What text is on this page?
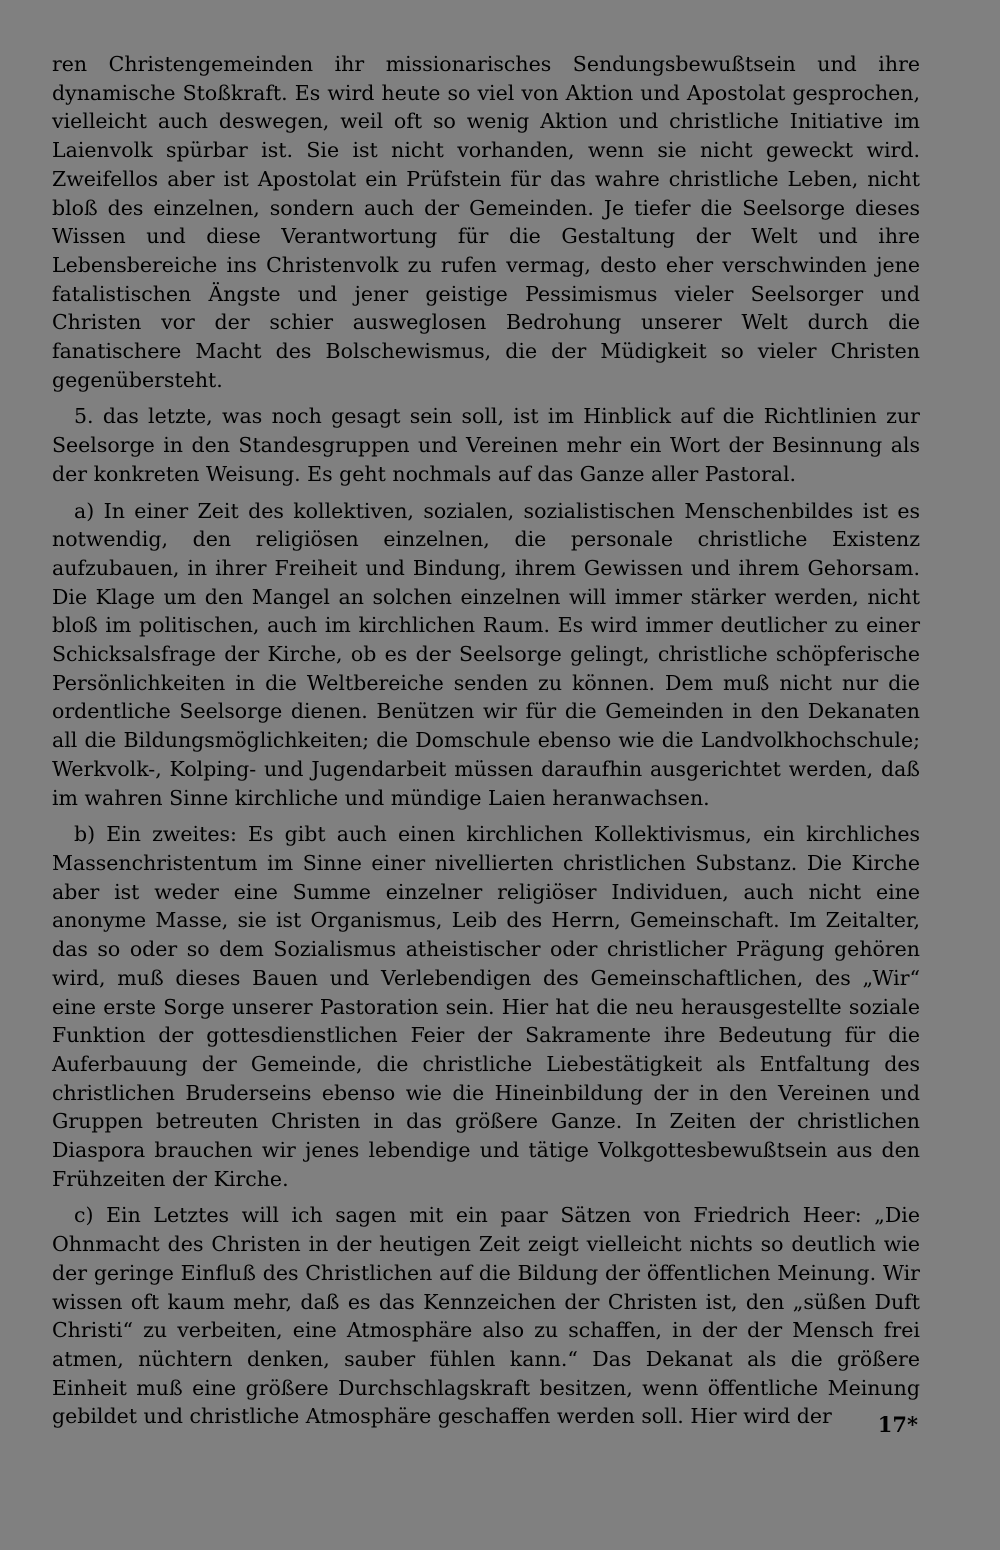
ren Christengemeinden ihr missionarisches Sendungsbewußtsein und ihre dynamische Stoßkraft. Es wird heute so viel von Aktion und Apostolat gesprochen, vielleicht auch deswegen, weil oft so wenig Aktion und christliche Initiative im Laienvolk spürbar ist. Sie ist nicht vorhanden, wenn sie nicht geweckt wird. Zweifellos aber ist Apostolat ein Prüfstein für das wahre christliche Leben, nicht bloß des einzelnen, sondern auch der Gemeinden. Je tiefer die Seelsorge dieses Wissen und diese Verantwortung für die Gestaltung der Welt und ihre Lebensbereiche ins Christenvolk zu rufen vermag, desto eher verschwinden jene fatalistischen Ängste und jener geistige Pessimismus vieler Seelsorger und Christen vor der schier ausweglosen Bedrohung unserer Welt durch die fanatischere Macht des Bolschewismus, die der Müdigkeit so vieler Christen gegenübersteht.

5. das letzte, was noch gesagt sein soll, ist im Hinblick auf die Richtlinien zur Seelsorge in den Standesgruppen und Vereinen mehr ein Wort der Besinnung als der konkreten Weisung. Es geht nochmals auf das Ganze aller Pastoral.

a) In einer Zeit des kollektiven, sozialen, sozialistischen Menschenbildes ist es notwendig, den religiösen einzelnen, die personale christliche Existenz aufzubauen, in ihrer Freiheit und Bindung, ihrem Gewissen und ihrem Gehorsam. Die Klage um den Mangel an solchen einzelnen will immer stärker werden, nicht bloß im politischen, auch im kirchlichen Raum. Es wird immer deutlicher zu einer Schicksalsfrage der Kirche, ob es der Seelsorge gelingt, christliche schöpferische Persönlichkeiten in die Weltbereiche senden zu können. Dem muß nicht nur die ordentliche Seelsorge dienen. Benützen wir für die Gemeinden in den Dekanaten all die Bildungsmöglichkeiten; die Domschule ebenso wie die Landvolkhochschule; Werkvolk-, Kolping- und Jugendarbeit müssen daraufhin ausgerichtet werden, daß im wahren Sinne kirchliche und mündige Laien heranwachsen.

b) Ein zweites: Es gibt auch einen kirchlichen Kollektivismus, ein kirchliches Massenchristentum im Sinne einer nivellierten christlichen Substanz. Die Kirche aber ist weder eine Summe einzelner religiöser Individuen, auch nicht eine anonyme Masse, sie ist Organismus, Leib des Herrn, Gemeinschaft. Im Zeitalter, das so oder so dem Sozialismus atheistischer oder christlicher Prägung gehören wird, muß dieses Bauen und Verlebendigen des Gemeinschaftlichen, des „Wir“ eine erste Sorge unserer Pastoration sein. Hier hat die neu herausgestellte soziale Funktion der gottesdienstlichen Feier der Sakramente ihre Bedeutung für die Auferbauung der Gemeinde, die christliche Liebestätigkeit als Entfaltung des christlichen Bruderseins ebenso wie die Hineinbildung der in den Vereinen und Gruppen betreuten Christen in das größere Ganze. In Zeiten der christlichen Diaspora brauchen wir jenes lebendige und tätige Volkgottesbewußtsein aus den Frühzeiten der Kirche.

c) Ein Letztes will ich sagen mit ein paar Sätzen von Friedrich Heer: „Die Ohnmacht des Christen in der heutigen Zeit zeigt vielleicht nichts so deutlich wie der geringe Einfluß des Christlichen auf die Bildung der öffentlichen Meinung. Wir wissen oft kaum mehr, daß es das Kennzeichen der Christen ist, den „süßen Duft Christi“ zu verbeiten, eine Atmosphäre also zu schaffen, in der der Mensch frei atmen, nüchtern denken, sauber fühlen kann.“ Das Dekanat als die größere Einheit muß eine größere Durchschlagskraft besitzen, wenn öffentliche Meinung gebildet und christliche Atmosphäre geschaffen werden soll. Hier wird der	17*
